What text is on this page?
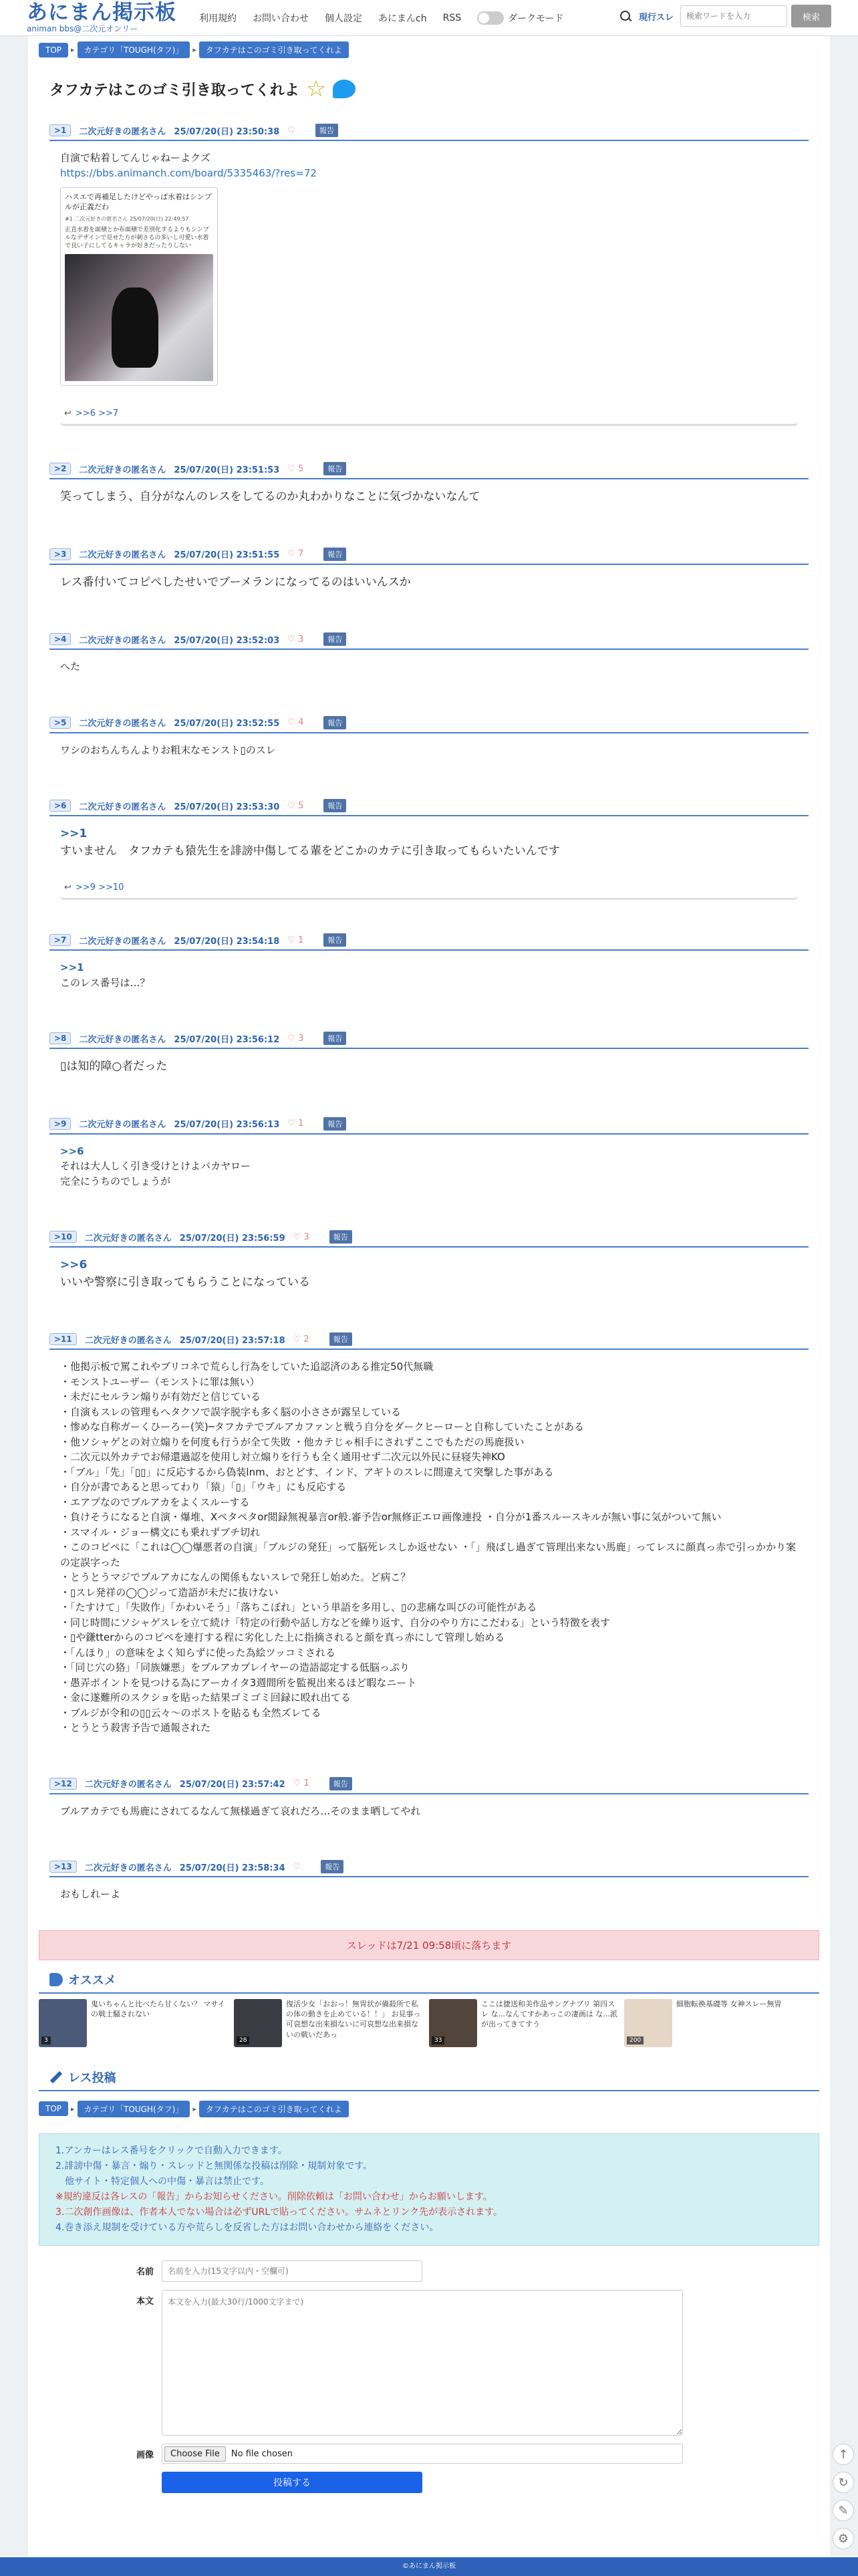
あにまん掲示板
animan bbs@二次元オンリー
利用規約	お問い合わせ	個人設定	あにまんch	RSS	ダークモード	現行スレ
検索ワードを入力	検索
TOP	▸	カテゴリ「TOUGH(タフ)」	▸	タフカテはこのゴミ引き取ってくれよ
タフカテはこのゴミ引き取ってくれよ ☆
>1	二次元好きの匿名さん 25/07/20(日) 23:50:38 ♡	報告
自演で粘着してんじゃねーよクズ
https://bbs.animanch.com/board/5335463/?res=72
ハスエで再補足したけどやっぱ水着はシンプルが正義だわ
#1 二次元好きの匿名さん 25/07/20(日) 22:49:57
正直水着を面積とか布面積で差別化するよりもシンプルなデザインで見せた方が刺さるの多いし可愛い水着で良い子にしてるキャラが好きだったりしない
↩ >>6 >>7
>2	二次元好きの匿名さん 25/07/20(日) 23:51:53 ♡ 5	報告
笑ってしまう、自分がなんのレスをしてるのか丸わかりなことに気づかないなんて
>3	二次元好きの匿名さん 25/07/20(日) 23:51:55 ♡ 7	報告
レス番付いてコピペしたせいでブーメランになってるのはいいんスか
>4	二次元好きの匿名さん 25/07/20(日) 23:52:03 ♡ 3	報告
へた
>5	二次元好きの匿名さん 25/07/20(日) 23:52:55 ♡ 4	報告
ワシのおちんちんよりお粗末なモンスト▯のスレ
>6	二次元好きの匿名さん 25/07/20(日) 23:53:30 ♡ 5	報告
>>1
すいません　タフカテも猿先生を誹謗中傷してる輩をどこかのカテに引き取ってもらいたいんです
↩ >>9 >>10
>7	二次元好きの匿名さん 25/07/20(日) 23:54:18 ♡ 1	報告
>>1
このレス番号は…？
>8	二次元好きの匿名さん 25/07/20(日) 23:56:12 ♡ 3	報告
▯は知的障○者だった
>9	二次元好きの匿名さん 25/07/20(日) 23:56:13 ♡ 1	報告
>>6
それは大人しく引き受けとけよバカヤロー
完全にうちのでしょうが
>10	二次元好きの匿名さん 25/07/20(日) 23:56:59 ♡ 3	報告
>>6
いいや警察に引き取ってもらうことになっている
>11	二次元好きの匿名さん 25/07/20(日) 23:57:18 ♡ 2	報告
・他掲示板で罵これやブリコネで荒らし行為をしていた追認済のある推定50代無職
・モンストユーザー（モンストに罪は無い）
・未だにセルラン煽りが有効だと信じている
・自演もスレの管理もへタクソで誤字脱字も多く脳の小ささが露呈している
・惨めな自称ガーくひーろー(笑)─タフカテでブルアカファンと戦う自分をダークヒーローと自称していたことがある
・他ソシャゲとの対立煽りを何度も行うが全て失敗 ・他カテじゃ相手にされずここでもただの馬鹿扱い
・二次元以外カテでお帰還過認を使用し対立煽りを行うも全く通用せず二次元以外民に昼寝失神KO
・「ブル」「先」「▯▯」に反応するから偽装lnm、おとどす、インド、アギトのスレに間違えて突撃した事がある
・自分が書であると思ってわり「猿」「▯」「ウキ」にも反応する
・エアプなのでブルアカをよくスルーする
・負けそうになると自演・爆堆、Xペタペタor閲録無視暴言or般.審予告or無修正エロ画像連投 ・自分が1番スルースキルが無い事に気がついて無い
・スマイル・ジョー構文にも乗れずブチ切れ
・このコピペに「これは◯◯爆悪者の自演」「ブルジの発狂」って脳死レスしか返せない ・「」飛ばし過ぎて管理出来ない馬鹿」ってレスに顔真っ赤で引っかかり案の定誤字った
・とうとうマジでブルアカになんの関係もないスレで発狂し始めた。ど病こ？
・▯スレ発祥の◯◯ジって造語が未だに抜けない
・「たすけて」「失敗作」「かわいそう」「落ちこぼれ」という単語を多用し、▯の悲痛な叫びの可能性がある
・同じ時間にソシャゲスレを立て続け「特定の行動や話し方などを繰り返す、自分のやり方にこだわる」という特徴を表す
・▯や鎌tterからのコピペを連打する程に劣化した上に指摘されると顔を真っ赤にして管理し始める
・「んほり」の意味をよく知らずに使った為絵ツッコミされる
・「同じ穴の狢」「同族嫌悪」をブルアカプレイヤーの造語認定する低脳っぷり
・愚弄ポイントを見つける為にアーカイタ3週間所を監視出来るほど暇なニート
・金に遂難所のスクショを貼った結果ゴミゴミ回録に殴れ出てる
・ブルジが令和の▯▯云々〜のポストを貼るも全然ズレてる
・とうとう殺害予告で通報された
>12	二次元好きの匿名さん 25/07/20(日) 23:57:42 ♡ 1	報告
ブルアカテでも馬鹿にされてるなんて無様過ぎて哀れだろ…そのまま晒してやれ
>13	二次元好きの匿名さん 25/07/20(日) 23:58:34 ♡	報告
おもしれーよ
スレッドは7/21 09:58頃に落ちます
オススメ
3
鬼いちゃんと比べたら甘くない？ マサイの戦士騒されない
28
復活少女「おおっ！無冑状が備殺所で私の体の動きを止めている！！」 お見事っ可哀想な出来損ないに可哀想な出来損ないの戦いだあっ
33
ここは捷送和美作品サングナブリ 第四スレ な...なんてすかあっこの凄画は な...派が出ってきてすう
200
細胞転換基礎等 女神スレー無冑
レス投稿
TOP	▸	カテゴリ「TOUGH(タフ)」	▸	タフカテはこのゴミ引き取ってくれよ
1.アンカーはレス番号をクリックで自動入力できます。
2.誹謗中傷・暴言・煽り・スレッドと無関係な投稿は削除・規制対象です。
　他サイト・特定個人への中傷・暴言は禁止です。
※規約違反は各レスの「報告」からお知らせください。削除依頼は「お問い合わせ」からお願いします。
3.二次創作画像は、作者本人でない場合は必ずURLで貼ってください。サムネとリンク先が表示されます。
4.巻き添え規制を受けている方や荒らしを反省した方はお問い合わせから連絡をください。
名前
名前を入力(15文字以内・空欄可)
本文
本文を入力(最大30行/1000文字まで)
画像	Choose File	No file chosen
投稿する
↑
↻
✎
⚙
©あにまん掲示板
